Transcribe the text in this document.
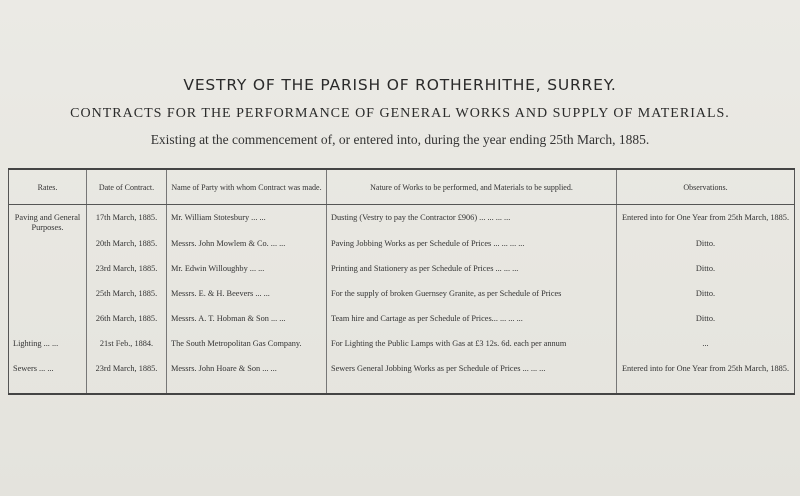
VESTRY OF THE PARISH OF ROTHERHITHE, SURREY.
CONTRACTS FOR THE PERFORMANCE OF GENERAL WORKS AND SUPPLY OF MATERIALS.
Existing at the commencement of, or entered into, during the year ending 25th March, 1885.
Rates.	Date of Contract.	Name of Party with whom Contract was made.	Nature of Works to be performed, and Materials to be supplied.	Observations.
Paving and General Purposes.	17th March, 1885.	Mr. William Stotesbury ... ...	Dusting (Vestry to pay the Contractor £906) ... ... ... ...	Entered into for One Year from 25th March, 1885.
	20th March, 1885.	Messrs. John Mowlem & Co. ... ...	Paving Jobbing Works as per Schedule of Prices ... ... ... ...	Ditto.
	23rd March, 1885.	Mr. Edwin Willoughby ... ...	Printing and Stationery as per Schedule of Prices ... ... ...	Ditto.
	25th March, 1885.	Messrs. E. & H. Beevers ... ...	For the supply of broken Guernsey Granite, as per Schedule of Prices	Ditto.
	26th March, 1885.	Messrs. A. T. Hobman & Son ... ...	Team hire and Cartage as per Schedule of Prices... ... ... ...	Ditto.
Lighting ... ...	21st Feb., 1884.	The South Metropolitan Gas Company.	For Lighting the Public Lamps with Gas at £3 12s. 6d. each per annum	...
Sewers ... ...	23rd March, 1885.	Messrs. John Hoare & Son ... ...	Sewers General Jobbing Works as per Schedule of Prices ... ... ...	Entered into for One Year from 25th March, 1885.
